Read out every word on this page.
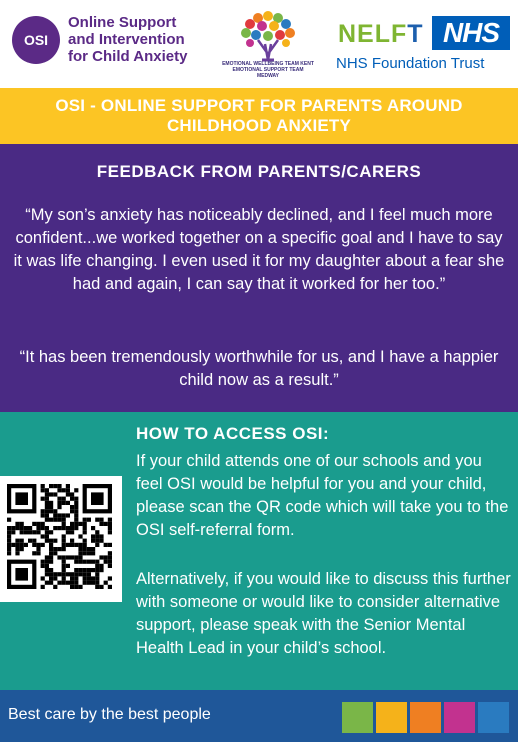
OSI
Online Support
and Intervention
for Child Anxiety	EMOTIONAL WELLBEING TEAM KENT
EMOTIONAL SUPPORT TEAM
MEDWAY
NELFT NHS
NHS Foundation Trust
OSI - ONLINE SUPPORT FOR PARENTS AROUND
CHILDHOOD ANXIETY
FEEDBACK FROM PARENTS/CARERS
“My son’s anxiety has noticeably declined, and I feel much more confident...we worked together on a specific goal and I have to say it was life changing. I even used it for my daughter about a fear she had and again, I can say that it worked for her too.”
“It has been tremendously worthwhile for us, and I have a happier child now as a result.”
HOW TO ACCESS OSI:
If your child attends one of our schools and you feel OSI would be helpful for you and your child, please scan the QR code which will take you to the OSI self-referral form.
Alternatively, if you would like to discuss this further with someone or would like to consider alternative support, please speak with the Senior Mental Health Lead in your child’s school.
Best care by the best people
